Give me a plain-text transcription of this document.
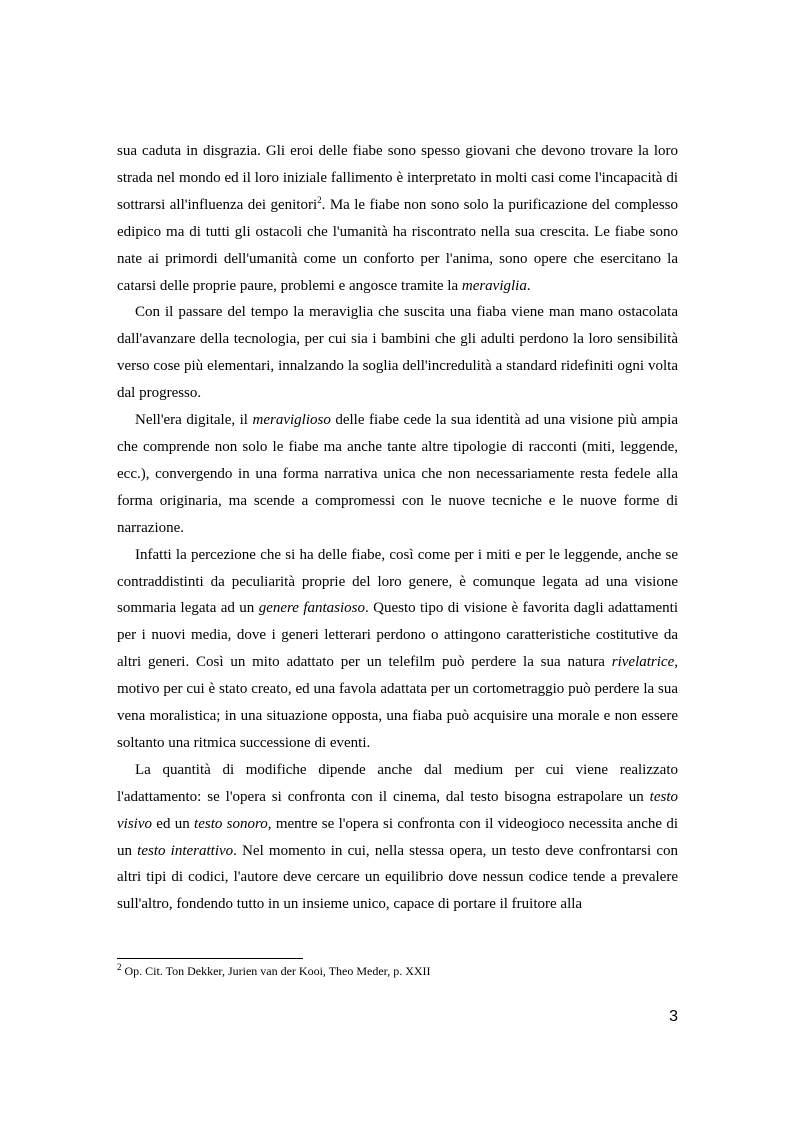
sua caduta in disgrazia. Gli eroi delle fiabe sono spesso giovani che devono trovare la loro strada nel mondo ed il loro iniziale fallimento è interpretato in molti casi come l'incapacità di sottrarsi all'influenza dei genitori$^2$. Ma le fiabe non sono solo la purificazione del complesso edipico ma di tutti gli ostacoli che l'umanità ha riscontrato nella sua crescita. Le fiabe sono nate ai primordi dell'umanità come un conforto per l'anima, sono opere che esercitano la catarsi delle proprie paure, problemi e angosce tramite la meraviglia.

Con il passare del tempo la meraviglia che suscita una fiaba viene man mano ostacolata dall'avanzare della tecnologia, per cui sia i bambini che gli adulti perdono la loro sensibilità verso cose più elementari, innalzando la soglia dell'incredulità a standard ridefiniti ogni volta dal progresso.

Nell'era digitale, il meraviglioso delle fiabe cede la sua identità ad una visione più ampia che comprende non solo le fiabe ma anche tante altre tipologie di racconti (miti, leggende, ecc.), convergendo in una forma narrativa unica che non necessariamente resta fedele alla forma originaria, ma scende a compromessi con le nuove tecniche e le nuove forme di narrazione.

Infatti la percezione che si ha delle fiabe, così come per i miti e per le leggende, anche se contraddistinti da peculiarità proprie del loro genere, è comunque legata ad una visione sommaria legata ad un genere fantasioso. Questo tipo di visione è favorita dagli adattamenti per i nuovi media, dove i generi letterari perdono o attingono caratteristiche costitutive da altri generi. Così un mito adattato per un telefilm può perdere la sua natura rivelatrice, motivo per cui è stato creato, ed una favola adattata per un cortometraggio può perdere la sua vena moralistica; in una situazione opposta, una fiaba può acquisire una morale e non essere soltanto una ritmica successione di eventi.

La quantità di modifiche dipende anche dal medium per cui viene realizzato l'adattamento: se l'opera si confronta con il cinema, dal testo bisogna estrapolare un testo visivo ed un testo sonoro, mentre se l'opera si confronta con il videogioco necessita anche di un testo interattivo. Nel momento in cui, nella stessa opera, un testo deve confrontarsi con altri tipi di codici, l'autore deve cercare un equilibrio dove nessun codice tende a prevalere sull'altro, fondendo tutto in un insieme unico, capace di portare il fruitore alla

$^2$ Op. Cit. Ton Dekker, Jurien van der Kooi, Theo Meder, p. XXII
3
